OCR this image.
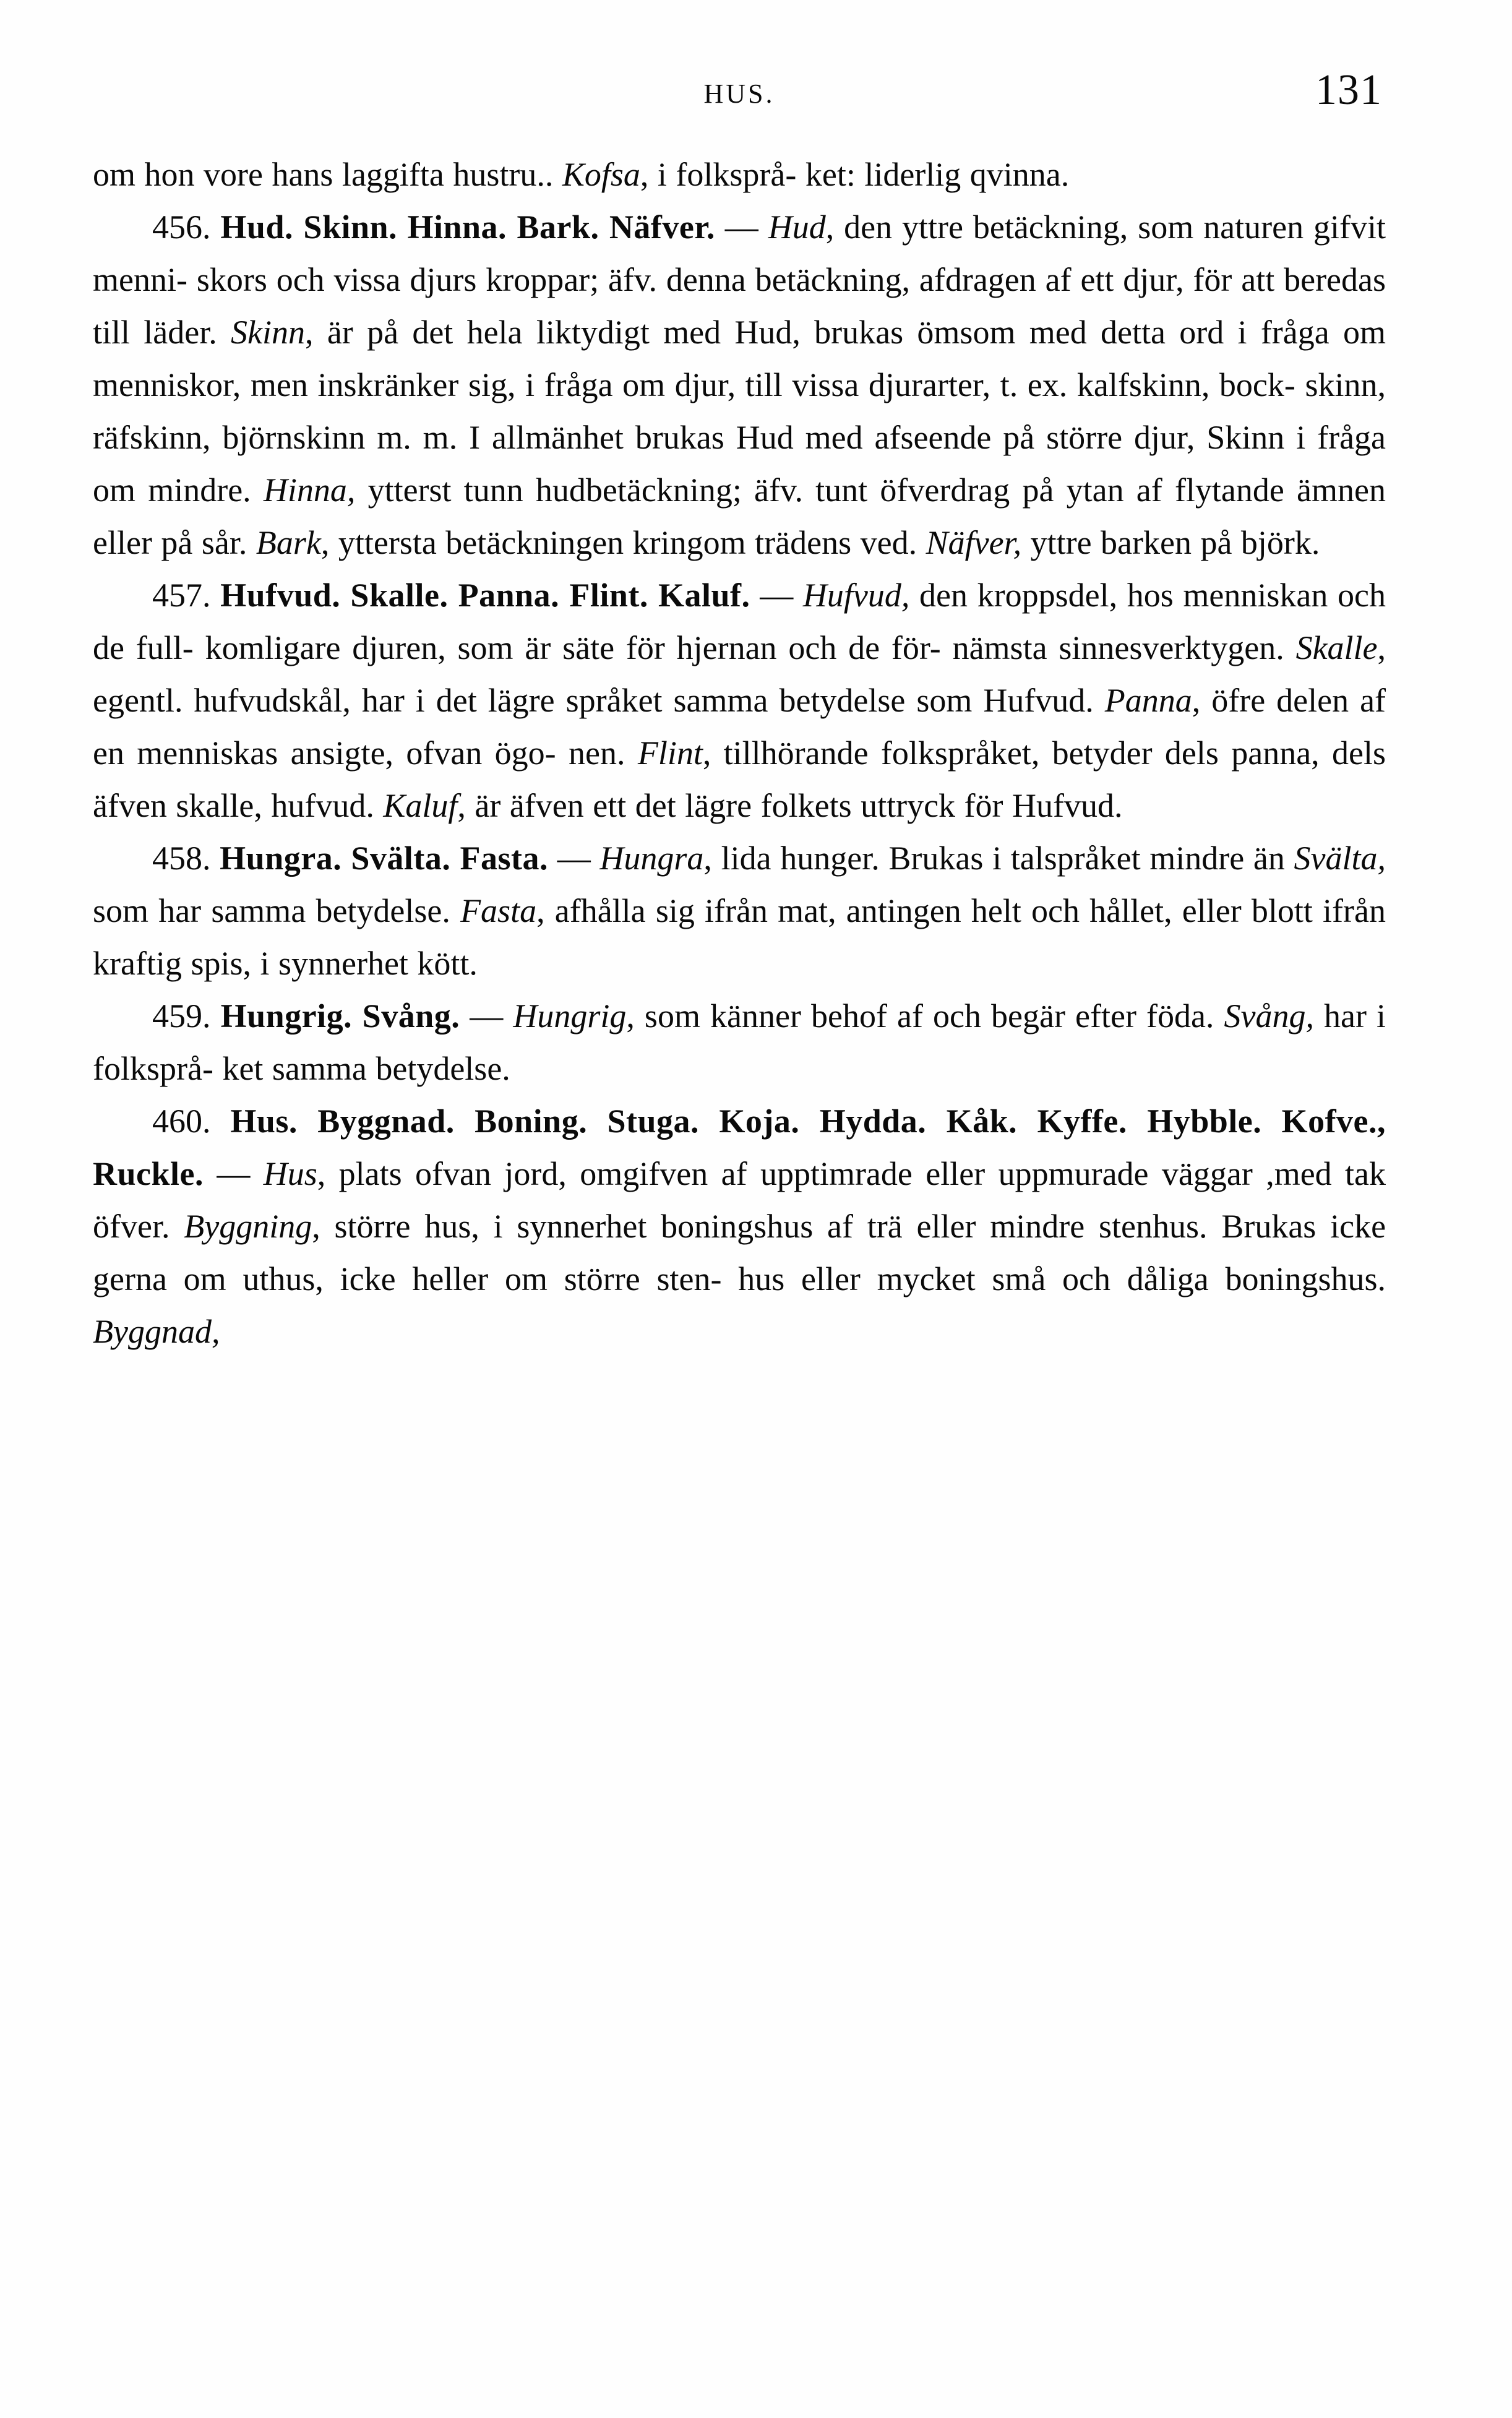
HUS.	131

om hon vore hans laggifta hustru.. Kofsa, i folksprå- ket: liderlig qvinna.

456. Hud. Skinn. Hinna. Bark. Näfver. — Hud, den yttre betäckning, som naturen gifvit menni- skors och vissa djurs kroppar; äfv. denna betäckning, afdragen af ett djur, för att beredas till läder. Skinn, är på det hela liktydigt med Hud, brukas ömsom med detta ord i fråga om menniskor, men inskränker sig, i fråga om djur, till vissa djurarter, t. ex. kalfskinn, bock- skinn, räfskinn, björnskinn m. m. I allmänhet brukas Hud med afseende på större djur, Skinn i fråga om mindre. Hinna, ytterst tunn hudbetäckning; äfv. tunt öfverdrag på ytan af flytande ämnen eller på sår. Bark, yttersta betäckningen kringom trädens ved. Näfver, yttre barken på björk.

457. Hufvud. Skalle. Panna. Flint. Kaluf. — Hufvud, den kroppsdel, hos menniskan och de full- komligare djuren, som är säte för hjernan och de för- nämsta sinnesverktygen. Skalle, egentl. hufvudskål, har i det lägre språket samma betydelse som Hufvud. Panna, öfre delen af en menniskas ansigte, ofvan ögo- nen. Flint, tillhörande folkspråket, betyder dels panna, dels äfven skalle, hufvud. Kaluf, är äfven ett det lägre folkets uttryck för Hufvud.

458. Hungra. Svälta. Fasta. — Hungra, lida hunger. Brukas i talspråket mindre än Svälta, som har samma betydelse. Fasta, afhålla sig ifrån mat, antingen helt och hållet, eller blott ifrån kraftig spis, i synnerhet kött.

459. Hungrig. Svång. — Hungrig, som känner behof af och begär efter föda. Svång, har i folksprå- ket samma betydelse.

460. Hus. Byggnad. Boning. Stuga. Koja. Hydda. Kåk. Kyffe. Hybble. Kofve., Ruckle. — Hus, plats ofvan jord, omgifven af upptimrade eller uppmurade väggar ,med tak öfver. Byggning, större hus, i synnerhet boningshus af trä eller mindre stenhus. Brukas icke gerna om uthus, icke heller om större sten- hus eller mycket små och dåliga boningshus. Byggnad,
